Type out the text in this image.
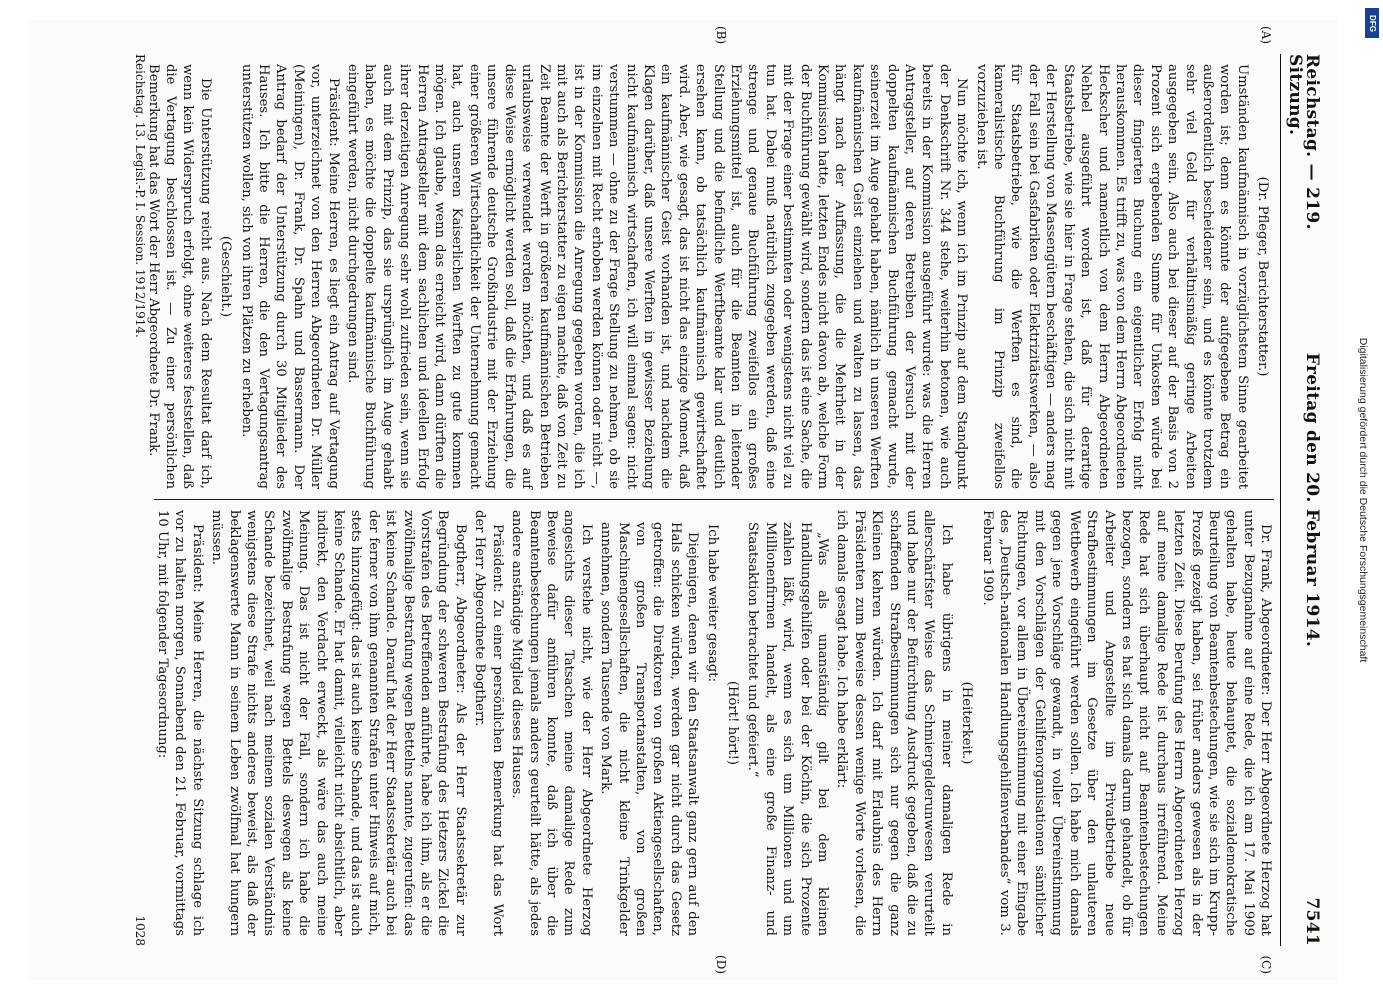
Reichstag. — 219. Sitzung.
Freitag den 20. Februar 1914.
7541
(A)
(B)

(Dr. Pfleger, Berichterstatter.)

Umständen kaufmännisch in vorzüglichstem Sinne gearbeitet worden ist; denn es könnte der aufgegebene Betrag ein außerordentlich bescheidener sein, und es könnte trotzdem sehr viel Geld für verhältnismäßig geringe Arbeiten ausgegeben sein. Also auch bei dieser auf der Basis von 2 Prozent sich ergebenden Summe für Unkosten würde bei dieser fingierten Buchung ein eigentlicher Erfolg nicht herauskommen. Es trifft zu, was von dem Herrn Abgeordneten Heckscher und namentlich von dem Herrn Abgeordneten Nehbel ausgeführt worden ist, daß für derartige Staatsbetriebe, wie sie hier in Frage stehen, die sich nicht mit der Herstellung von Massengütern beschäftigen — anders mag der Fall sein bei Gasfabriken oder Elektrizitätswerken, — also für Staatsbetriebe, wie die Werften es sind, die kameralistische Buchführung im Prinzip zweifellos vorzuziehen ist.

Nun möchte ich, wenn ich im Prinzip auf dem Standpunkt der Denkschrift Nr. 344 stehe, weiterhin betonen, wie auch bereits in der Kommission ausgeführt wurde: was die Herren Antragsteller, auf deren Betreiben der Versuch mit der doppelten kaufmännischen Buchführung gemacht wurde, seinerzeit im Auge gehabt haben, nämlich in unseren Werften kaufmännischen Geist einziehen und walten zu lassen, das hängt nach der Auffassung, die die Mehrheit in der Kommission hatte, letzten Endes nicht davon ab, welche Form der Buchführung gewählt wird, sondern das ist eine Sache, die mit der Frage einer bestimmten oder wenigstens nicht viel zu tun hat. Dabei muß natürlich zugegeben werden, daß eine strenge und genaue Buchführung zweifellos ein großes Erziehungsmittel ist, auch für die Beamten in leitender Stellung und die befindliche Werftbeamte klar und deutlich ersehen kann, ob tatsächlich kaufmännisch gewirtschaftet wird. Aber, wie gesagt, das ist nicht das einzige Moment, daß ein kaufmännischer Geist vorhanden ist, und nachdem die Klagen darüber, daß unsere Werften in gewisser Beziehung nicht kaufmännisch wirtschaften, ich will einmal sagen: nicht verstummen — ohne zu der Frage Stellung zu nehmen, ob sie im einzelnen mit Recht erhoben werden können oder nicht —, ist in der Kommission die Anregung gegeben worden, die ich mit auch als Berichterstatter zu eigen machte, daß von Zeit zu Zeit Beamte der Werft in größeren kaufmännischen Betrieben urlaubsweise verwendet werden möchten, und daß es auf diese Weise ermöglicht werden soll, daß die Erfahrungen, die unsere führende deutsche Großindustrie mit der Erziehung einer größeren Wirtschaftlichkeit der Unternehmung gemacht hat, auch unseren Kaiserlichen Werften zu gute kommen mögen. Ich glaube, wenn das erreicht wird, dann dürften die Herren Antragsteller mit dem sachlichen und ideellen Erfolg ihrer derzeitigen Anregung sehr wohl zufrieden sein, wenn sie auch mit dem Prinzip, das sie ursprünglich im Auge gehabt haben, es möchte die doppelte kaufmännische Buchführung eingeführt werden, nicht durchgedrungen sind.

Präsident: Meine Herren, es liegt ein Antrag auf Vertagung vor, unterzeichnet von den Herren Abgeordneten Dr. Müller (Meiningen), Dr. Frank, Dr. Spahn und Bassermann. Der Antrag bedarf der Unterstützung durch 30 Mitglieder des Hauses. Ich bitte die Herren, die den Vertagungsantrag unterstützen wollen, sich von ihren Plätzen zu erheben.

(Geschieht.)

Die Unterstützung reicht aus. Nach dem Resultat darf ich, wenn kein Widerspruch erfolgt, ohne weiteres feststellen, daß die Vertagung beschlossen ist. — Zu einer persönlichen Bemerkung hat das Wort der Herr Abgeordnete Dr. Frank.

(C)
(D)

Dr. Frank, Abgeordneter: Der Herr Abgeordnete Herzog hat unter Bezugnahme auf eine Rede, die ich am 17. Mai 1909 gehalten habe, heute behauptet, die sozialdemokratische Beurteilung von Beamtenbestechungen, wie sie sich im Krupp-Prozeß gezeigt haben, sei früher anders gewesen als in der letzten Zeit. Diese Berufung des Herrn Abgeordneten Herzog auf meine damalige Rede ist durchaus irreführend. Meine Rede hat sich überhaupt nicht auf Beamtenbestechungen bezogen, sondern es hat sich damals darum gehandelt, ob für Arbeiter und Angestellte im Privatbetriebe neue Strafbestimmungen im Gesetze über den unlauteren Wettbewerb eingeführt werden sollen. Ich habe mich damals gegen jene Vorschläge gewandt, in voller Übereinstimmung mit den Vorschlägen der Gehilfenorganisationen sämtlicher Richtungen, vor allem in Übereinstimmung mit einer Eingabe des „Deutsch-nationalen Handlungsgehilfenverbandes“ vom 3. Februar 1909.

(Heiterkeit.)

Ich habe übrigens in meiner damaligen Rede in allerschärfster Weise das Schmiergelderunwesen verurteilt und habe nur der Befürchtung Ausdruck gegeben, daß die zu schaffenden Strafbestimmungen sich nur gegen die ganz Kleinen kehren würden. Ich darf mit Erlaubnis des Herrn Präsidenten zum Beweise dessen wenige Worte vorlesen, die ich damals gesagt habe. Ich habe erklärt:

„Was als unanständig gilt bei dem kleinen Handlungsgehilfen oder bei der Köchin, die sich Prozente zahlen läßt, wird, wenn es sich um Millionen und um Millionenfirmen handelt, als eine große Finanz- und Staatsaktion betrachtet und gefeiert.“

(Hört! hört!)

Ich habe weiter gesagt:

Diejenigen, denen wir den Staatsanwalt ganz gern auf den Hals schicken würden, werden gar nicht durch das Gesetz getroffen: die Direktoren von großen Aktiengesellschaften, von großen Transportanstalten, von großen Maschinengesellschaften, die nicht kleine Trinkgelder annehmen, sondern Tausende von Mark.

Ich verstehe nicht, wie der Herr Abgeordnete Herzog angesichts dieser Tatsachen meine damalige Rede zum Beweise dafür anführen konnte, daß ich über die Beamtenbestechungen jemals anders geurteilt hätte, als jedes andere anständige Mitglied dieses Hauses.

Präsident: Zu einer persönlichen Bemerkung hat das Wort der Herr Abgeordnete Bogtherr.

Bogtherr, Abgeordneter: Als der Herr Staatssekretär zur Begründung der schweren Bestrafung des Hetzers Zickel die Vorstrafen des Betreffenden anführte, habe ich ihm, als er die zwölfmalige Bestrafung wegen Bettelns nannte, zugerufen: das ist keine Schande. Darauf hat der Herr Staatssekretär auch bei der ferner von ihm genannten Strafen unter Hinweis auf mich, stets hinzugefügt: das ist auch keine Schande, und das ist auch keine Schande. Er hat damit, vielleicht nicht absichtlich, aber indirekt, den Verdacht erweckt, als wäre das auch meine Meinung. Das ist nicht der Fall, sondern ich habe die zwölfmalige Bestrafung wegen Bettels deswegen als keine Schande bezeichnet, weil nach meinem sozialen Verständnis wenigstens diese Strafe nichts anderes beweist, als daß der beklagenswerte Mann in seinem Leben zwölfmal hat hungern müssen.

Präsident: Meine Herren, die nächste Sitzung schlage ich vor zu halten morgen, Sonnabend den 21. Februar, vormittags 10 Uhr, mit folgender Tagesordnung:

Reichstag. 13. Legisl.-P. I. Session. 1912/1914.
1028
DFG
Digitalisierung gefördert durch die Deutsche Forschungsgemeinschaft
